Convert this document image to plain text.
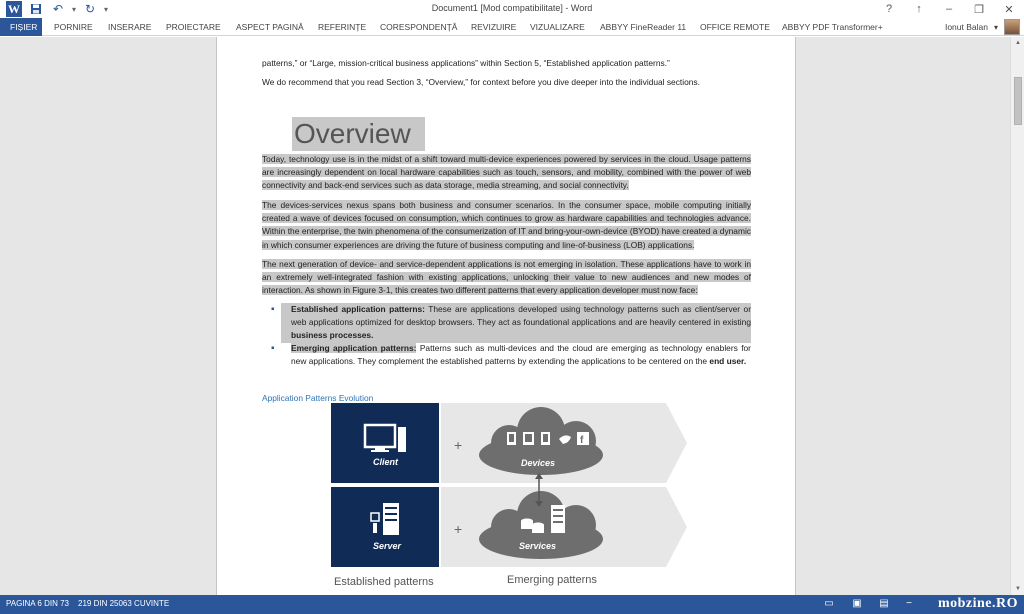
W	↶	▾ ↻	▾	Document1 [Mod compatibilitate] - Word	?	↑	–	❐	✕
FIȘIER	PORNIRE INSERARE PROIECTARE ASPECT PAGINĂ REFERINȚE CORESPONDENȚĂ REVIZUIRE VIZUALIZARE ABBYY FineReader 11 OFFICE REMOTE ABBYY PDF Transformer+	Ionut Balan ▾
patterns,” or “Large, mission-critical business applications” within Section 5, “Established application patterns.”
We do recommend that you read Section 3, “Overview,” for context before you dive deeper into the individual sections.
Overview
Today, technology use is in the midst of a shift toward multi-device experiences powered by services in the cloud. Usage patterns are increasingly dependent on local hardware capabilities such as touch, sensors, and mobility, combined with the power of web connectivity and back-end services such as data storage, media streaming, and social connectivity.
The devices-services nexus spans both business and consumer scenarios. In the consumer space, mobile computing initially created a wave of devices focused on consumption, which continues to grow as hardware capabilities and technologies advance. Within the enterprise, the twin phenomena of the consumerization of IT and bring-your-own-device (BYOD) have created a dynamic in which consumer experiences are driving the future of business computing and line-of-business (LOB) applications.
The next generation of device- and service-dependent applications is not emerging in isolation. These applications have to work in an extremely well-integrated fashion with existing applications, unlocking their value to new audiences and new modes of interaction. As shown in Figure 3-1, this creates two different patterns that every application developer must now face:
▪	Established application patterns: These are applications developed using technology patterns such as client/server or web applications optimized for desktop browsers. They act as foundational applications and are heavily centered in existing business processes.
▪	Emerging application patterns: Patterns such as multi-devices and the cloud are emerging as technology enablers for new applications. They complement the established patterns by extending the applications to be centered on the end user.
Application Patterns Evolution
+
+
f
Client
Server
Devices
Services
Established patterns	Emerging patterns
▲
▼
PAGINA 6 DIN 73 219 DIN 25063 CUVINTE	▭ ▣ ▤	− mobzine.RO
